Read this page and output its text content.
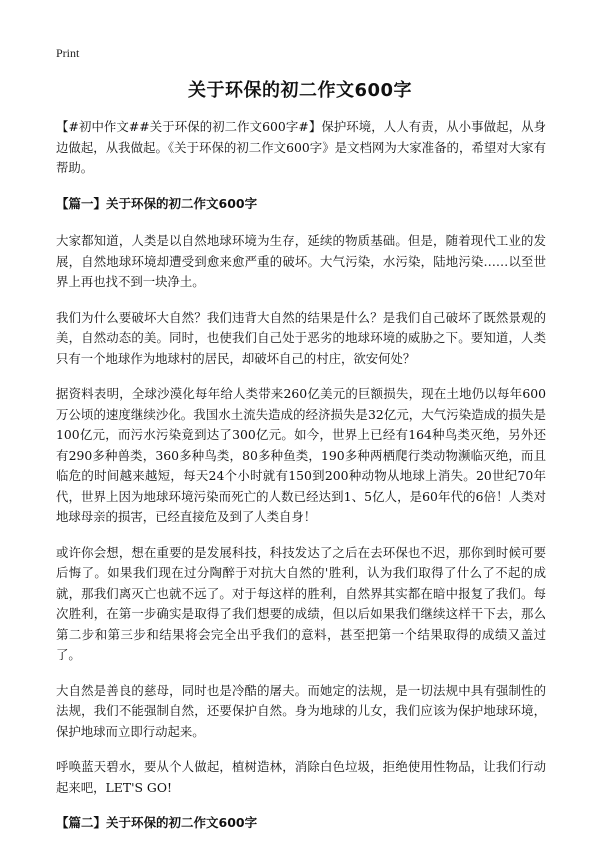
Print
关于环保的初二作文600字

【#初中作文##关于环保的初二作文600字#】保护环境，人人有责，从小事做起，从身边做起，从我做起。《关于环保的初二作文600字》是文档网为大家准备的，希望对大家有帮助。

【篇一】关于环保的初二作文600字

大家都知道，人类是以自然地球环境为生存，延续的物质基础。但是，随着现代工业的发展，自然地球环境却遭受到愈来愈严重的破坏。大气污染，水污染，陆地污染……以至世界上再也找不到一块净土。

我们为什么要破坏大自然？我们违背大自然的结果是什么？是我们自己破坏了既然景观的美，自然动态的美。同时，也使我们自己处于恶劣的地球环境的威胁之下。要知道，人类只有一个地球作为地球村的居民，却破坏自己的村庄，欲安何处？

据资料表明，全球沙漠化每年给人类带来260亿美元的巨额损失，现在土地仍以每年600万公顷的速度继续沙化。我国水土流失造成的经济损失是32亿元，大气污染造成的损失是100亿元，而污水污染竟到达了300亿元。如今，世界上已经有164种鸟类灭绝，另外还有290多种兽类，360多种鸟类，80多种鱼类，190多种两栖爬行类动物濒临灭绝，而且临危的时间越来越短，每天24个小时就有150到200种动物从地球上消失。20世纪70年代，世界上因为地球环境污染而死亡的人数已经达到1、5亿人，是60年代的6倍！人类对地球母亲的损害，已经直接危及到了人类自身！

或许你会想，想在重要的是发展科技，科技发达了之后在去环保也不迟，那你到时候可要后悔了。如果我们现在过分陶醉于对抗大自然的'胜利，认为我们取得了什么了不起的成就，那我们离灭亡也就不远了。对于每这样的胜利，自然界其实都在暗中报复了我们。每次胜利，在第一步确实是取得了我们想要的成绩，但以后如果我们继续这样干下去，那么第二步和第三步和结果将会完全出乎我们的意料，甚至把第一个结果取得的成绩又盖过了。

大自然是善良的慈母，同时也是冷酷的屠夫。而她定的法规，是一切法规中具有强制性的法规，我们不能强制自然，还要保护自然。身为地球的儿女，我们应该为保护地球环境，保护地球而立即行动起来。

呼唤蓝天碧水，要从个人做起，植树造林，消除白色垃圾，拒绝使用性物品，让我们行动起来吧，LET'S GO!

【篇二】关于环保的初二作文600字
